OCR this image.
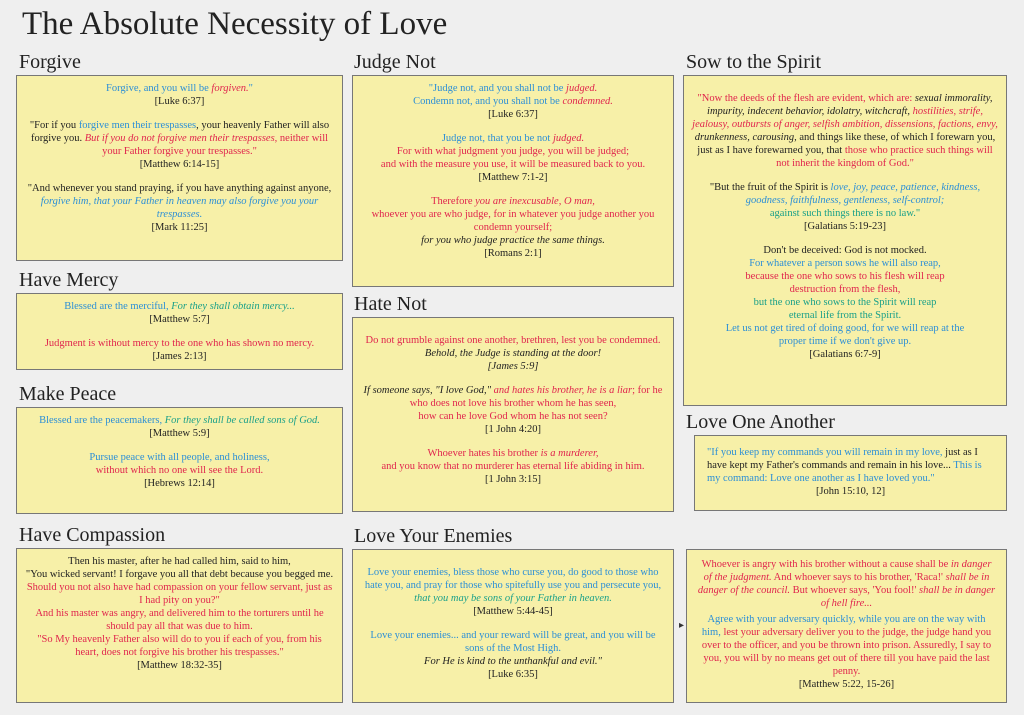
The Absolute Necessity of Love
Forgive

Forgive, and you will be forgiven."
[Luke 6:37]

"For if you forgive men their trespasses, your heavenly Father will also forgive you. But if you do not forgive men their trespasses, neither will your Father forgive your trespasses."
[Matthew 6:14-15]

"And whenever you stand praying, if you have anything against anyone, forgive him, that your Father in heaven may also forgive you your trespasses.
[Mark 11:25]

Have Mercy

Blessed are the merciful, For they shall obtain mercy...
[Matthew 5:7]

Judgment is without mercy to the one who has shown no mercy.
[James 2:13]

Make Peace

Blessed are the peacemakers, For they shall be called sons of God.
[Matthew 5:9]

Pursue peace with all people, and holiness,
without which no one will see the Lord.
[Hebrews 12:14]

Have Compassion

Then his master, after he had called him, said to him,
"You wicked servant! I forgave you all that debt because you begged me. Should you not also have had compassion on your fellow servant, just as I had pity on you?"
And his master was angry, and delivered him to the torturers until he should pay all that was due to him.
"So My heavenly Father also will do to you if each of you, from his heart, does not forgive his brother his trespasses."
[Matthew 18:32-35]

Judge Not

"Judge not, and you shall not be judged.
Condemn not, and you shall not be condemned.
[Luke 6:37]

Judge not, that you be not judged.
For with what judgment you judge, you will be judged;
and with the measure you use, it will be measured back to you.
[Matthew 7:1-2]

Therefore you are inexcusable, O man,
whoever you are who judge, for in whatever you judge another you condemn yourself;
for you who judge practice the same things.
[Romans 2:1]

Hate Not

Do not grumble against one another, brethren, lest you be condemned. Behold, the Judge is standing at the door!
[James 5:9]

If someone says, "I love God," and hates his brother, he is a liar; for he who does not love his brother whom he has seen,
how can he love God whom he has not seen?
[1 John 4:20]

Whoever hates his brother is a murderer,
and you know that no murderer has eternal life abiding in him.
[1 John 3:15]

Love Your Enemies

Love your enemies, bless those who curse you, do good to those who hate you, and pray for those who spitefully use you and persecute you, that you may be sons of your Father in heaven.
[Matthew 5:44-45]

Love your enemies... and your reward will be great, and you will be sons of the Most High.
For He is kind to the unthankful and evil."
[Luke 6:35]

Sow to the Spirit

"Now the deeds of the flesh are evident, which are: sexual immorality, impurity, indecent behavior, idolatry, witchcraft, hostilities, strife, jealousy, outbursts of anger, selfish ambition, dissensions, factions, envy, drunkenness, carousing, and things like these, of which I forewarn you, just as I have forewarned you, that those who practice such things will not inherit the kingdom of God."

"But the fruit of the Spirit is love, joy, peace, patience, kindness, goodness, faithfulness, gentleness, self-control;
against such things there is no law."
[Galatians 5:19-23]

Don't be deceived: God is not mocked.
For whatever a person sows he will also reap,
because the one who sows to his flesh will reap destruction from the flesh,
but the one who sows to the Spirit will reap eternal life from the Spirit.
Let us not get tired of doing good, for we will reap at the proper time if we don't give up.
[Galatians 6:7-9]

Love One Another

"If you keep my commands you will remain in my love, just as I have kept my Father's commands and remain in his love... This is my command: Love one another as I have loved you."
[John 15:10, 12]

▸

Whoever is angry with his brother without a cause shall be in danger of the judgment. And whoever says to his brother, 'Raca!' shall be in danger of the council. But whoever says, 'You fool!' shall be in danger of hell fire...

Agree with your adversary quickly, while you are on the way with him, lest your adversary deliver you to the judge, the judge hand you over to the officer, and you be thrown into prison. Assuredly, I say to you, you will by no means get out of there till you have paid the last penny.
[Matthew 5:22, 15-26]
